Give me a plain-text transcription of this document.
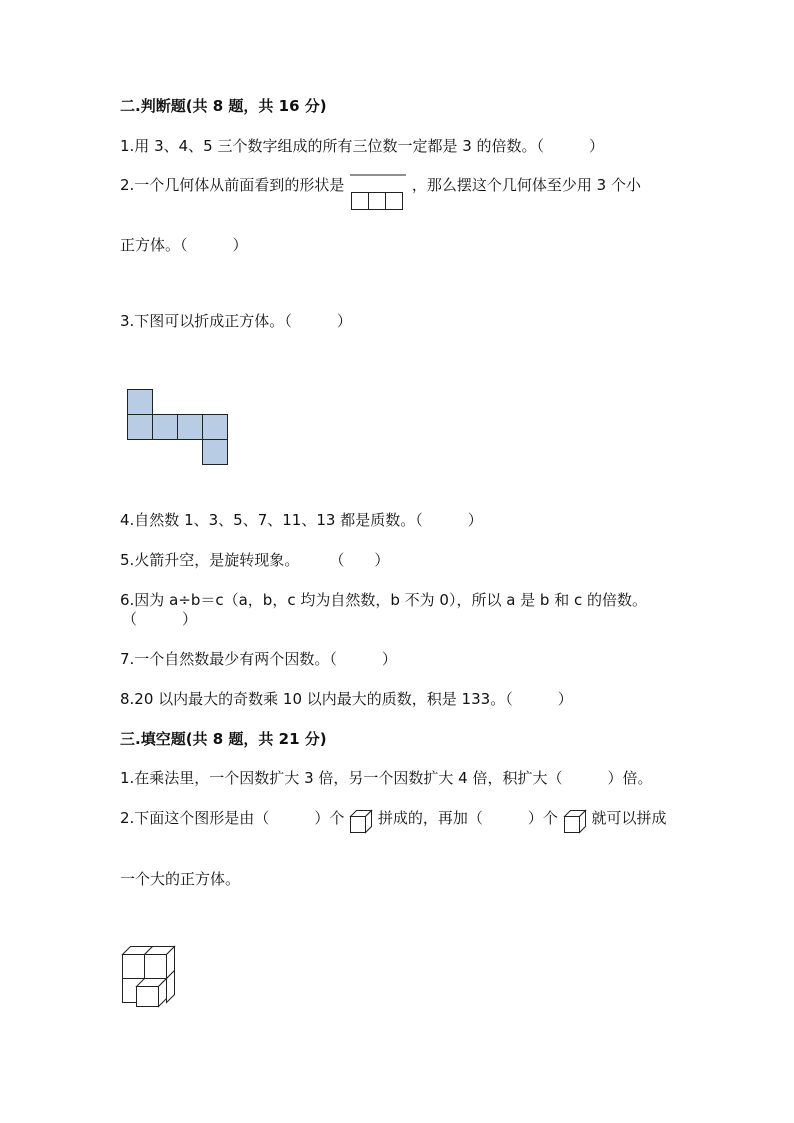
二.判断题(共 8 题，共 16 分)
1.用 3、4、5 三个数字组成的所有三位数一定都是 3 的倍数。（　　　）
2.一个几何体从前面看到的形状是	，那么摆这个几何体至少用 3 个小
正方体。（　　　）
3.下图可以折成正方体。（　　　）
4.自然数 1、3、5、7、11、13 都是质数。（　　　）
5.火箭升空，是旋转现象。　　　（　　）
6.因为 a÷b＝c（a，b，c 均为自然数，b 不为 0），所以 a 是 b 和 c 的倍数。
（　　　）
7.一个自然数最少有两个因数。（　　　）
8.20 以内最大的奇数乘 10 以内最大的质数，积是 133。（　　　）
三.填空题(共 8 题，共 21 分)
1.在乘法里，一个因数扩大 3 倍，另一个因数扩大 4 倍，积扩大（　　　）倍。
2.下面这个图形是由（　　　）个 拼成的，再加（　　　）个 就可以拼成
一个大的正方体。
